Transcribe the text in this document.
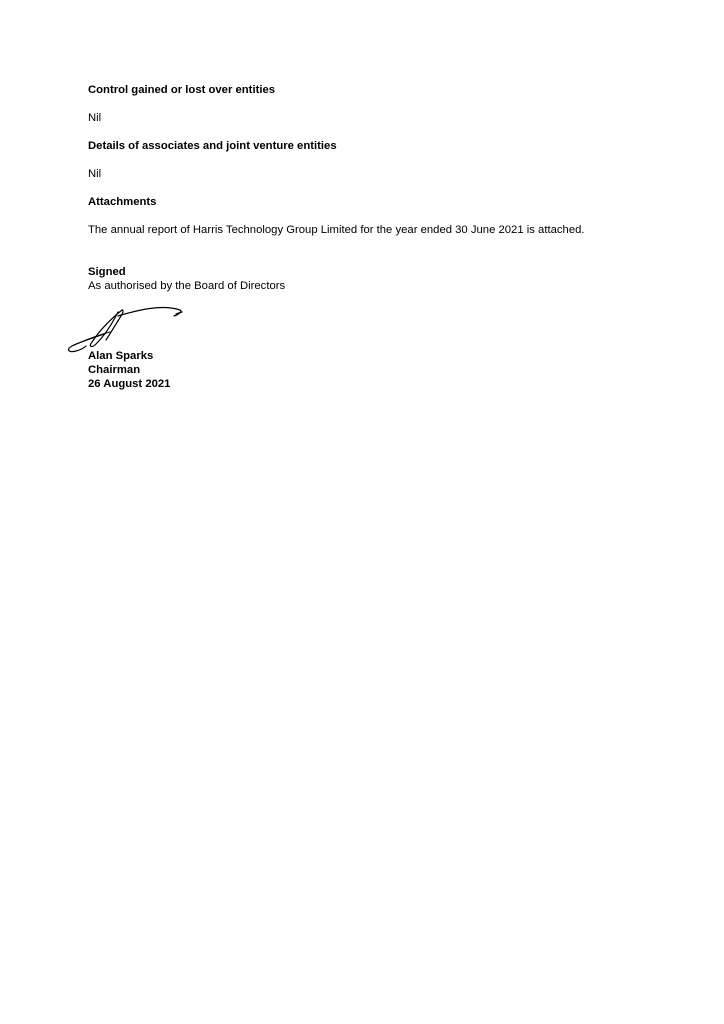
Control gained or lost over entities
Nil
Details of associates and joint venture entities
Nil
Attachments
The annual report of Harris Technology Group Limited for the year ended 30 June 2021 is attached.
Signed
As authorised by the Board of Directors
Alan Sparks
Chairman
26 August 2021
